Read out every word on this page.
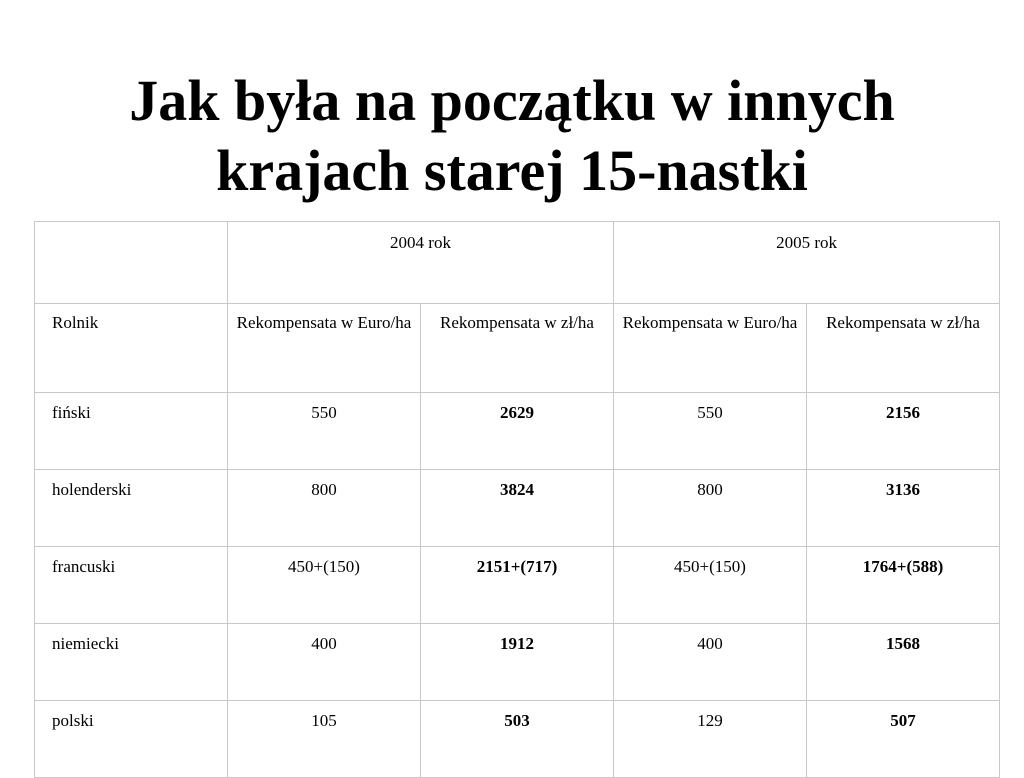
Jak była na początku w innych
krajach starej 15-nastki
	2004 rok		2005 rok	
Rolnik	Rekompensata w Euro/ha	Rekompensata w zł/ha	Rekompensata w Euro/ha	Rekompensata w zł/ha

fiński	550	2629	550	2156
holenderski	800	3824	800	3136
francuski	450+(150)	2151+(717)	450+(150)	1764+(588)
niemiecki	400	1912	400	1568
polski	105	503	129	507
